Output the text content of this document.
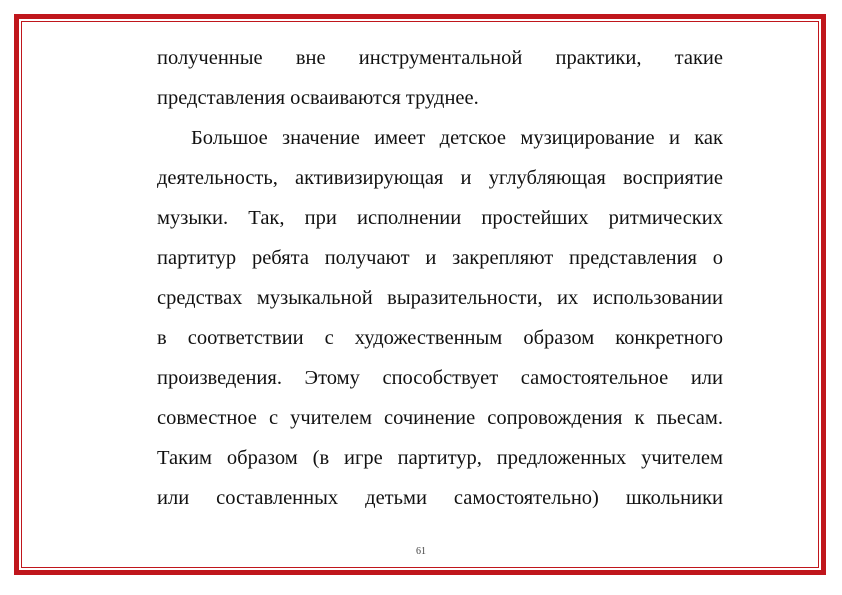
полученные вне инструментальной практики, такие
представления осваиваются труднее.
Большое значение имеет детское музицирование и как
деятельность, активизирующая и углубляющая восприятие
музыки. Так, при исполнении простейших ритмических
партитур ребята получают и закрепляют представления о
средствах музыкальной выразительности, их использовании
в соответствии с художественным образом конкретного
произведения. Этому способствует самостоятельное или
совместное с учителем сочинение сопровождения к пьесам.
Таким образом (в игре партитур, предложенных учителем
или составленных детьми самостоятельно) школьники
61
